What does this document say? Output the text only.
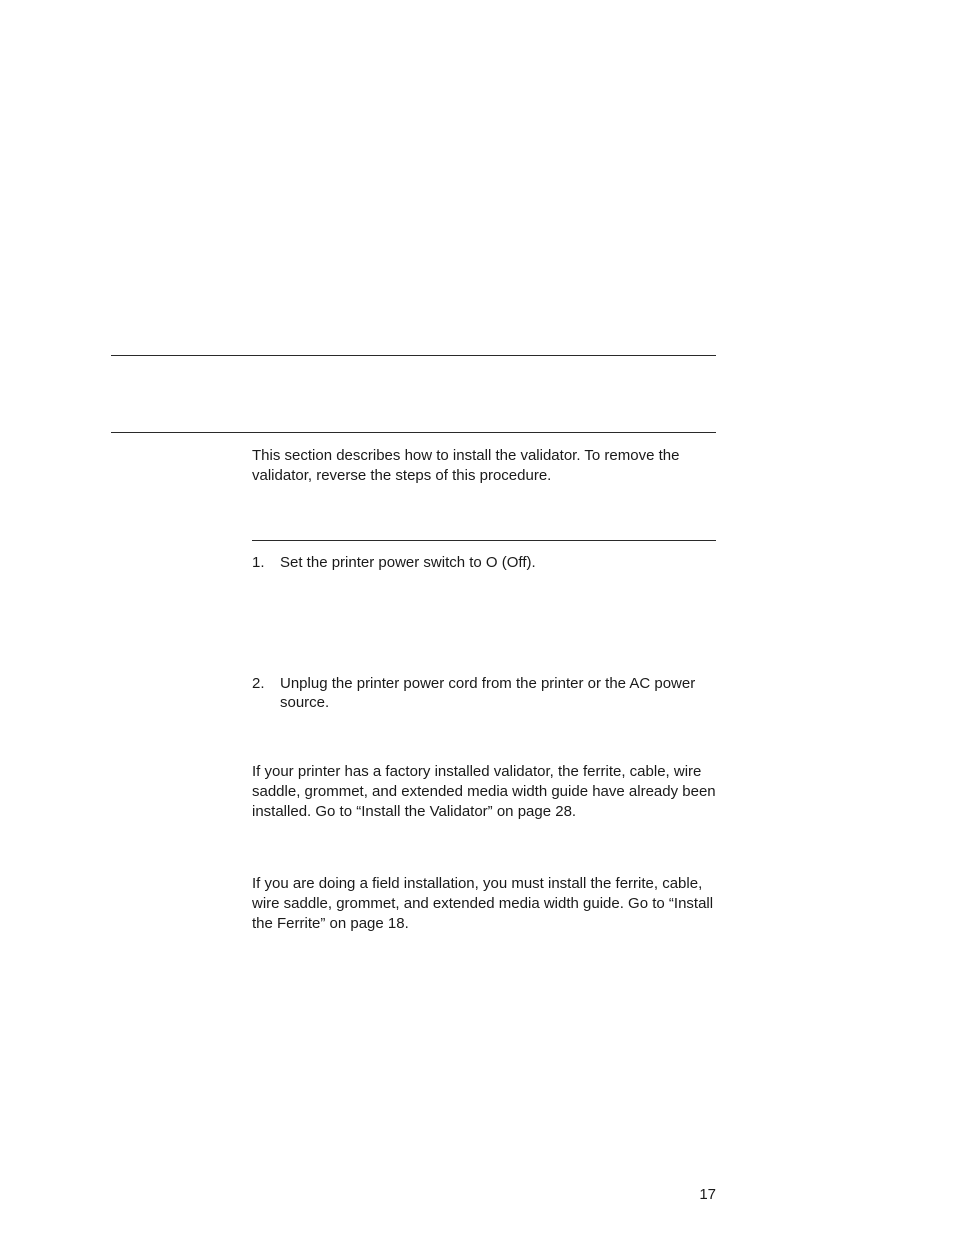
This section describes how to install the validator. To remove the validator, reverse the steps of this procedure.

1.	Set the printer power switch to O (Off).
2.	Unplug the printer power cord from the printer or the AC power source.

If your printer has a factory installed validator, the ferrite, cable, wire saddle, grommet, and extended media width guide have already been installed. Go to “Install the Validator” on page 28.

If you are doing a field installation, you must install the ferrite, cable, wire saddle, grommet, and extended media width guide. Go to “Install the Ferrite” on page 18.

17
